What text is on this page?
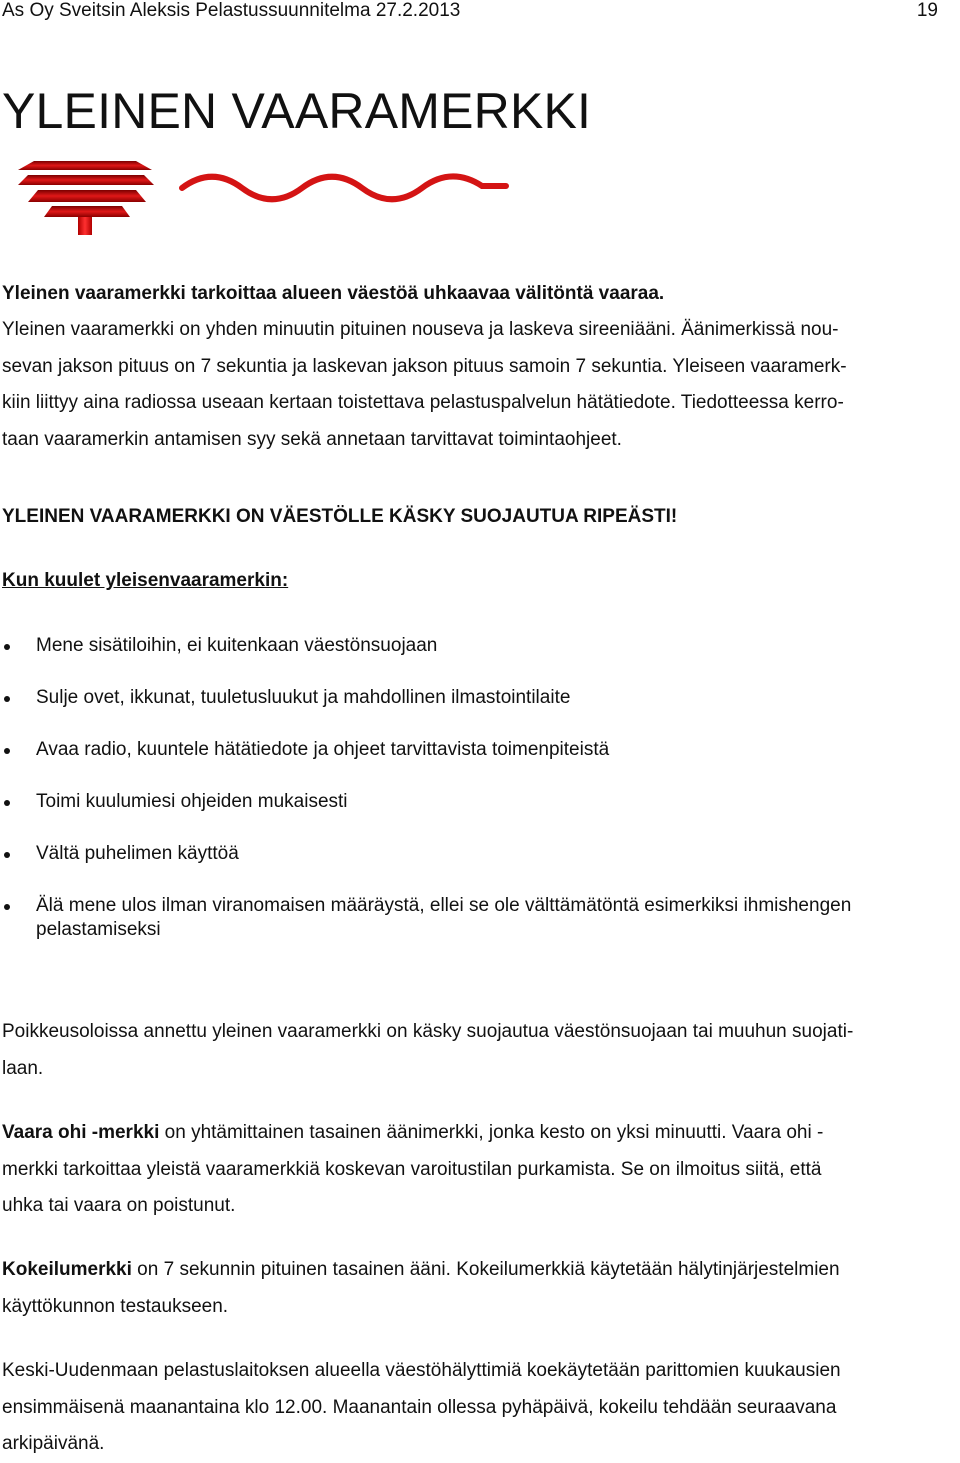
As Oy Sveitsin Aleksis Pelastussuunnitelma 27.2.2013	19
YLEINEN VAARAMERKKI

Yleinen vaaramerkki tarkoittaa alueen väestöä uhkaavaa välitöntä vaaraa.

Yleinen vaaramerkki on yhden minuutin pituinen nouseva ja laskeva sireeniääni. Äänimerkissä nou-
sevan jakson pituus on 7 sekuntia ja laskevan jakson pituus samoin 7 sekuntia. Yleiseen vaaramerk-
kiin liittyy aina radiossa useaan kertaan toistettava pelastuspalvelun hätätiedote. Tiedotteessa kerro-
taan vaaramerkin antamisen syy sekä annetaan tarvittavat toimintaohjeet.

YLEINEN VAARAMERKKI ON VÄESTÖLLE KÄSKY SUOJAUTUA RIPEÄSTI!

Kun kuulet yleisenvaaramerkin:

Mene sisätiloihin, ei kuitenkaan väestönsuojaan
Sulje ovet, ikkunat, tuuletusluukut ja mahdollinen ilmastointilaite
Avaa radio, kuuntele hätätiedote ja ohjeet tarvittavista toimenpiteistä
Toimi kuulumiesi ohjeiden mukaisesti
Vältä puhelimen käyttöä
Älä mene ulos ilman viranomaisen määräystä, ellei se ole välttämätöntä esimerkiksi ihmishengen pelastamiseksi
Poikkeusoloissa annettu yleinen vaaramerkki on käsky suojautua väestönsuojaan tai muuhun suojati-
laan.
Vaara ohi -merkki on yhtämittainen tasainen äänimerkki, jonka kesto on yksi minuutti. Vaara ohi -
merkki tarkoittaa yleistä vaaramerkkiä koskevan varoitustilan purkamista. Se on ilmoitus siitä, että
uhka tai vaara on poistunut.
Kokeilumerkki on 7 sekunnin pituinen tasainen ääni. Kokeilumerkkiä käytetään hälytinjärjestelmien
käyttökunnon testaukseen.
Keski-Uudenmaan pelastuslaitoksen alueella väestöhälyttimiä koekäytetään parittomien kuukausien
ensimmäisenä maanantaina klo 12.00. Maanantain ollessa pyhäpäivä, kokeilu tehdään seuraavana
arkipäivänä.
